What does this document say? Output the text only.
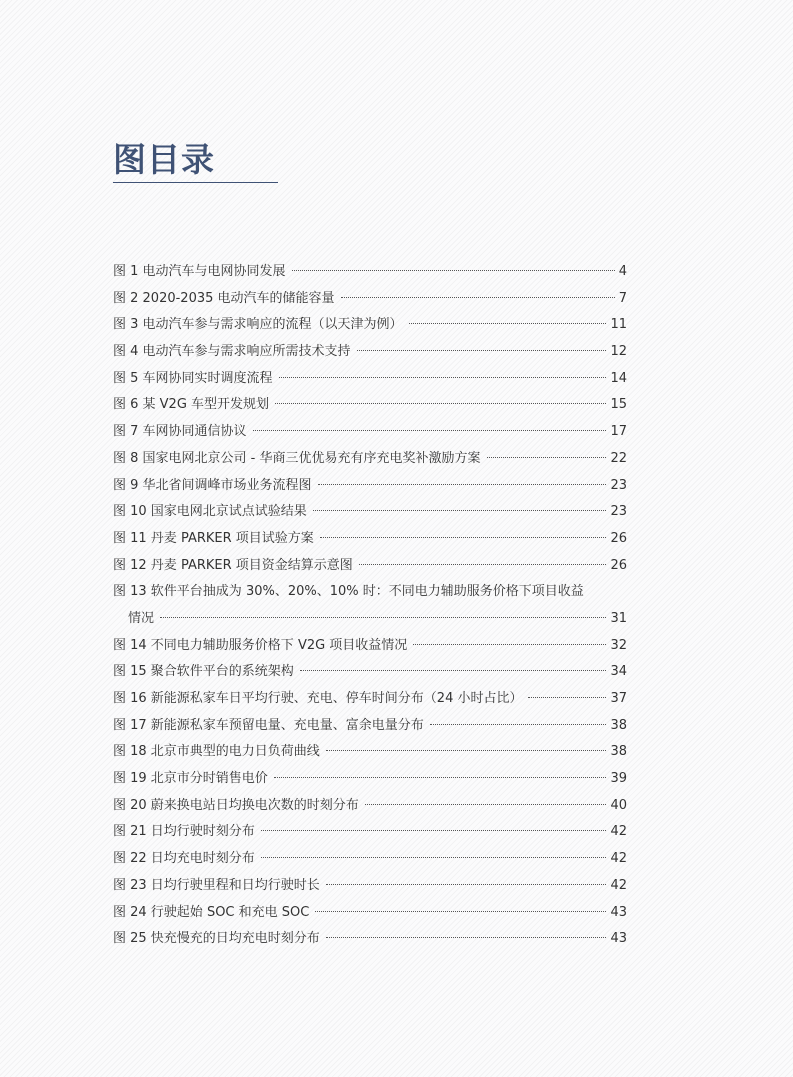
图目录
图 1 电动汽车与电网协同发展	4
图 2 2020-2035 电动汽车的储能容量	7
图 3 电动汽车参与需求响应的流程（以天津为例）	11
图 4 电动汽车参与需求响应所需技术支持	12
图 5 车网协同实时调度流程	14
图 6 某 V2G 车型开发规划	15
图 7 车网协同通信协议	17
图 8 国家电网北京公司 - 华商三优优易充有序充电奖补激励方案	22
图 9 华北省间调峰市场业务流程图	23
图 10 国家电网北京试点试验结果	23
图 11 丹麦 PARKER 项目试验方案	26
图 12 丹麦 PARKER 项目资金结算示意图	26
图 13 软件平台抽成为 30%、20%、10% 时：不同电力辅助服务价格下项目收益
情况	31
图 14 不同电力辅助服务价格下 V2G 项目收益情况	32
图 15 聚合软件平台的系统架构	34
图 16 新能源私家车日平均行驶、充电、停车时间分布（24 小时占比）	37
图 17 新能源私家车预留电量、充电量、富余电量分布	38
图 18 北京市典型的电力日负荷曲线	38
图 19 北京市分时销售电价	39
图 20 蔚来换电站日均换电次数的时刻分布	40
图 21 日均行驶时刻分布	42
图 22 日均充电时刻分布	42
图 23 日均行驶里程和日均行驶时长	42
图 24 行驶起始 SOC 和充电 SOC	43
图 25 快充慢充的日均充电时刻分布	43
